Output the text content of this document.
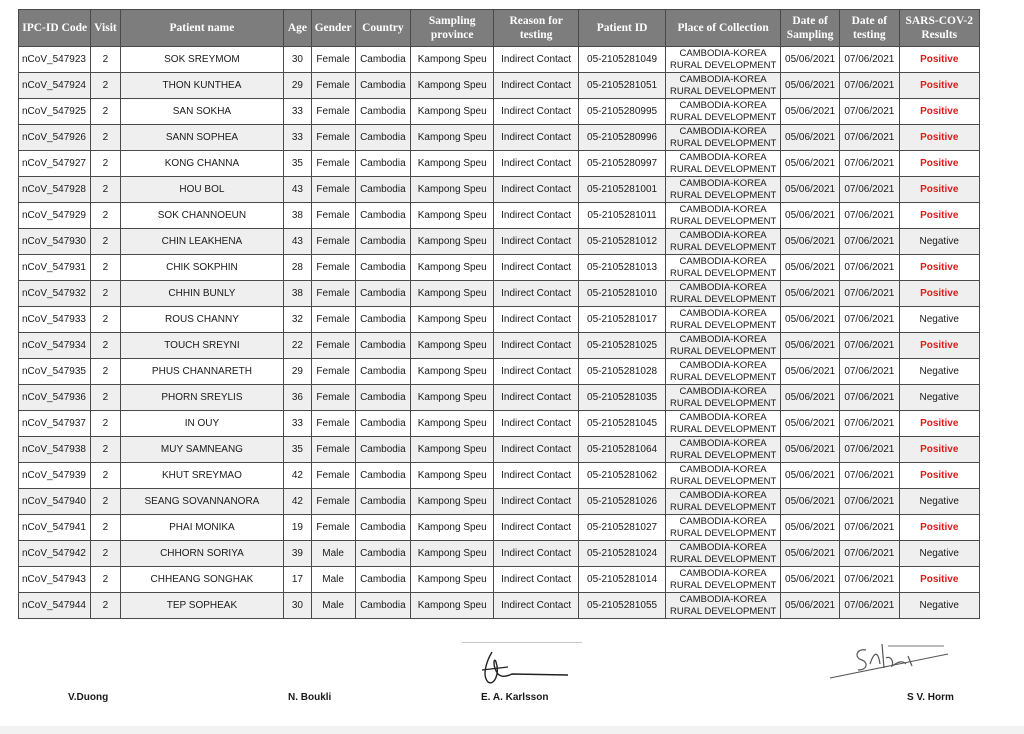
IPC-ID Code	Visit	Patient name	Age	Gender	Country	Sampling province	Reason for testing	Patient ID	Place of Collection	Date of Sampling	Date of testing	SARS-COV-2 Results
nCoV_547923	2	SOK SREYMOM	30	Female	Cambodia	Kampong Speu	Indirect Contact	05-2105281049	CAMBODIA-KOREA
RURAL DEVELOPMENT	05/06/2021	07/06/2021	Positive
nCoV_547924	2	THON KUNTHEA	29	Female	Cambodia	Kampong Speu	Indirect Contact	05-2105281051	CAMBODIA-KOREA
RURAL DEVELOPMENT	05/06/2021	07/06/2021	Positive
nCoV_547925	2	SAN SOKHA	33	Female	Cambodia	Kampong Speu	Indirect Contact	05-2105280995	CAMBODIA-KOREA
RURAL DEVELOPMENT	05/06/2021	07/06/2021	Positive
nCoV_547926	2	SANN SOPHEA	33	Female	Cambodia	Kampong Speu	Indirect Contact	05-2105280996	CAMBODIA-KOREA
RURAL DEVELOPMENT	05/06/2021	07/06/2021	Positive
nCoV_547927	2	KONG CHANNA	35	Female	Cambodia	Kampong Speu	Indirect Contact	05-2105280997	CAMBODIA-KOREA
RURAL DEVELOPMENT	05/06/2021	07/06/2021	Positive
nCoV_547928	2	HOU BOL	43	Female	Cambodia	Kampong Speu	Indirect Contact	05-2105281001	CAMBODIA-KOREA
RURAL DEVELOPMENT	05/06/2021	07/06/2021	Positive
nCoV_547929	2	SOK CHANNOEUN	38	Female	Cambodia	Kampong Speu	Indirect Contact	05-2105281011	CAMBODIA-KOREA
RURAL DEVELOPMENT	05/06/2021	07/06/2021	Positive
nCoV_547930	2	CHIN LEAKHENA	43	Female	Cambodia	Kampong Speu	Indirect Contact	05-2105281012	CAMBODIA-KOREA
RURAL DEVELOPMENT	05/06/2021	07/06/2021	Negative
nCoV_547931	2	CHIK SOKPHIN	28	Female	Cambodia	Kampong Speu	Indirect Contact	05-2105281013	CAMBODIA-KOREA
RURAL DEVELOPMENT	05/06/2021	07/06/2021	Positive
nCoV_547932	2	CHHIN BUNLY	38	Female	Cambodia	Kampong Speu	Indirect Contact	05-2105281010	CAMBODIA-KOREA
RURAL DEVELOPMENT	05/06/2021	07/06/2021	Positive
nCoV_547933	2	ROUS CHANNY	32	Female	Cambodia	Kampong Speu	Indirect Contact	05-2105281017	CAMBODIA-KOREA
RURAL DEVELOPMENT	05/06/2021	07/06/2021	Negative
nCoV_547934	2	TOUCH SREYNI	22	Female	Cambodia	Kampong Speu	Indirect Contact	05-2105281025	CAMBODIA-KOREA
RURAL DEVELOPMENT	05/06/2021	07/06/2021	Positive
nCoV_547935	2	PHUS CHANNARETH	29	Female	Cambodia	Kampong Speu	Indirect Contact	05-2105281028	CAMBODIA-KOREA
RURAL DEVELOPMENT	05/06/2021	07/06/2021	Negative
nCoV_547936	2	PHORN SREYLIS	36	Female	Cambodia	Kampong Speu	Indirect Contact	05-2105281035	CAMBODIA-KOREA
RURAL DEVELOPMENT	05/06/2021	07/06/2021	Negative
nCoV_547937	2	IN OUY	33	Female	Cambodia	Kampong Speu	Indirect Contact	05-2105281045	CAMBODIA-KOREA
RURAL DEVELOPMENT	05/06/2021	07/06/2021	Positive
nCoV_547938	2	MUY SAMNEANG	35	Female	Cambodia	Kampong Speu	Indirect Contact	05-2105281064	CAMBODIA-KOREA
RURAL DEVELOPMENT	05/06/2021	07/06/2021	Positive
nCoV_547939	2	KHUT SREYMAO	42	Female	Cambodia	Kampong Speu	Indirect Contact	05-2105281062	CAMBODIA-KOREA
RURAL DEVELOPMENT	05/06/2021	07/06/2021	Positive
nCoV_547940	2	SEANG SOVANNANORA	42	Female	Cambodia	Kampong Speu	Indirect Contact	05-2105281026	CAMBODIA-KOREA
RURAL DEVELOPMENT	05/06/2021	07/06/2021	Negative
nCoV_547941	2	PHAI MONIKA	19	Female	Cambodia	Kampong Speu	Indirect Contact	05-2105281027	CAMBODIA-KOREA
RURAL DEVELOPMENT	05/06/2021	07/06/2021	Positive
nCoV_547942	2	CHHORN SORIYA	39	Male	Cambodia	Kampong Speu	Indirect Contact	05-2105281024	CAMBODIA-KOREA
RURAL DEVELOPMENT	05/06/2021	07/06/2021	Negative
nCoV_547943	2	CHHEANG SONGHAK	17	Male	Cambodia	Kampong Speu	Indirect Contact	05-2105281014	CAMBODIA-KOREA
RURAL DEVELOPMENT	05/06/2021	07/06/2021	Positive
nCoV_547944	2	TEP SOPHEAK	30	Male	Cambodia	Kampong Speu	Indirect Contact	05-2105281055	CAMBODIA-KOREA
RURAL DEVELOPMENT	05/06/2021	07/06/2021	Negative
V.Duong	N. Boukli	E. A. Karlsson	S V. Horm
